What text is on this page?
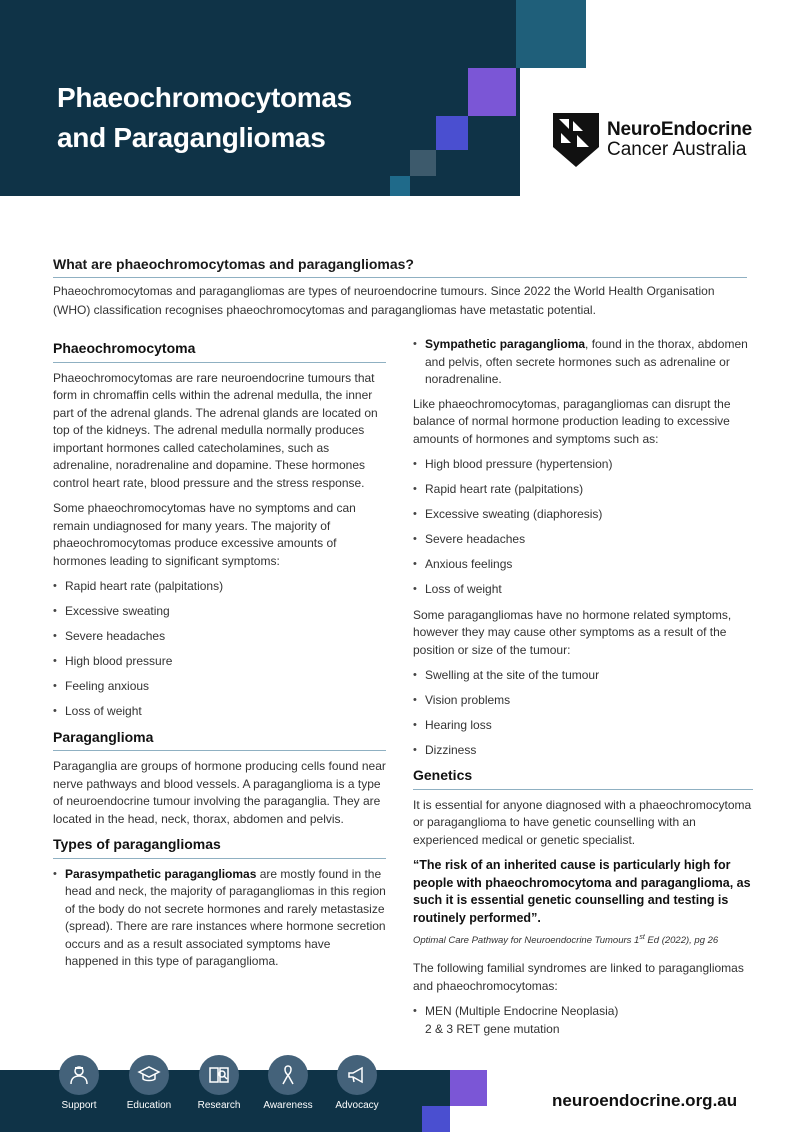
Phaeochromocytomas
and Paragangliomas	NeuroEndocrine
Cancer Australia
What are phaeochromocytomas and paragangliomas?

Phaeochromocytomas and paragangliomas are types of neuroendocrine tumours. Since 2022 the World Health Organisation (WHO) classification recognises phaeochromocytomas and paragangliomas have metastatic potential.

Phaeochromocytoma

Phaeochromocytomas are rare neuroendocrine tumours that form in chromaffin cells within the adrenal medulla, the inner part of the adrenal glands. The adrenal glands are located on top of the kidneys. The adrenal medulla normally produces important hormones called catecholamines, such as adrenaline, noradrenaline and dopamine. These hormones control heart rate, blood pressure and the stress response.

Some phaeochromocytomas have no symptoms and can remain undiagnosed for many years. The majority of phaeochromocytomas produce excessive amounts of hormones leading to significant symptoms:

• Rapid heart rate (palpitations)
• Excessive sweating
• Severe headaches
• High blood pressure
• Feeling anxious
• Loss of weight
Paraganglioma

Paraganglia are groups of hormone producing cells found near nerve pathways and blood vessels. A paraganglioma is a type of neuroendocrine tumour involving the paraganglia. They are located in the head, neck, thorax, abdomen and pelvis.

Types of paragangliomas
• Parasympathetic paragangliomas are mostly found in the head and neck, the majority of paragangliomas in this region of the body do not secrete hormones and rarely metastasize (spread). There are rare instances where hormone secretion occurs and as a result associated symptoms have happened in this type of paraganglioma.
• Sympathetic paraganglioma, found in the thorax, abdomen and pelvis, often secrete hormones such as adrenaline or noradrenaline.

Like phaeochromocytomas, paragangliomas can disrupt the balance of normal hormone production leading to excessive amounts of hormones and symptoms such as:

• High blood pressure (hypertension)
• Rapid heart rate (palpitations)
• Excessive sweating (diaphoresis)
• Severe headaches
• Anxious feelings
• Loss of weight

Some paragangliomas have no hormone related symptoms, however they may cause other symptoms as a result of the position or size of the tumour:

• Swelling at the site of the tumour
• Vision problems
• Hearing loss
• Dizziness
Genetics

It is essential for anyone diagnosed with a phaeochromocytoma or paraganglioma to have genetic counselling with an experienced medical or genetic specialist.

“The risk of an inherited cause is particularly high for people with phaeochromocytoma and paraganglioma, as such it is essential genetic counselling and testing is routinely performed”.
Optimal Care Pathway for Neuroendocrine Tumours 1st Ed (2022), pg 26

The following familial syndromes are linked to paragangliomas and phaeochromocytomas:

• MEN (Multiple Endocrine Neoplasia)
2 & 3 RET gene mutation
Support	Education	Research	Awareness	Advocacy	neuroendocrine.org.au
